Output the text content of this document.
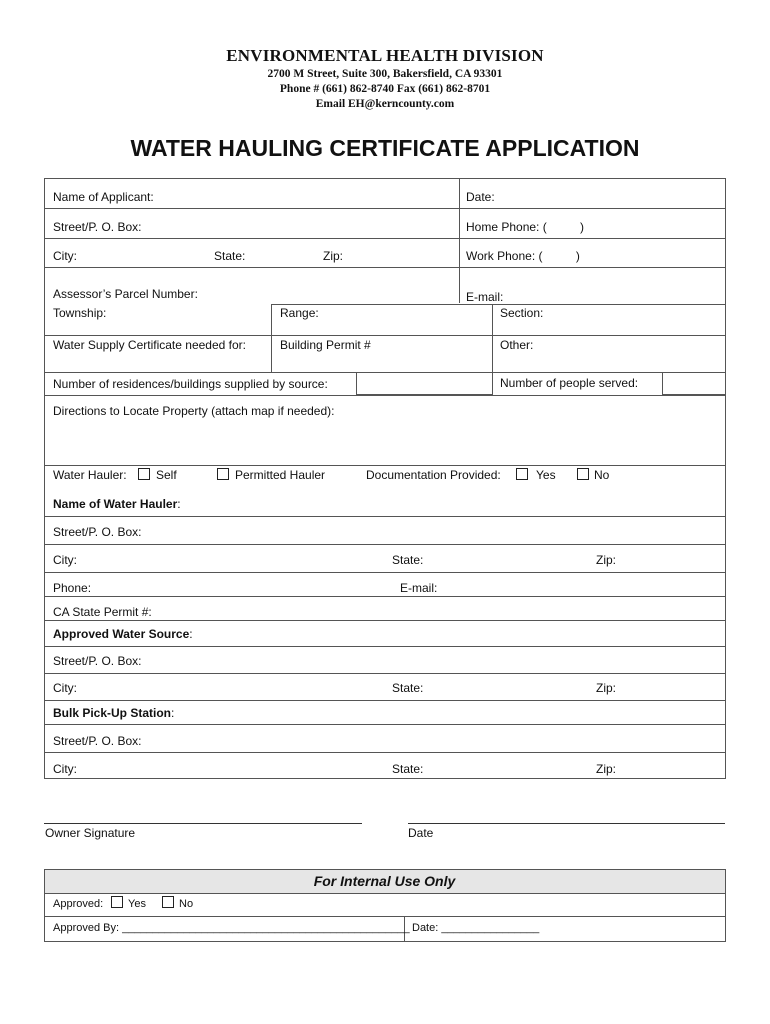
ENVIRONMENTAL HEALTH DIVISION
2700 M Street, Suite 300, Bakersfield, CA 93301
Phone # (661) 862-8740 Fax (661) 862-8701
Email EH@kerncounty.com
WATER HAULING CERTIFICATE APPLICATION
Name of Applicant:	Date:
Street/P. O. Box:	Home Phone: (          )
City:	State:	Zip:	Work Phone: (          )
Assessor’s Parcel Number:	E-mail:
Township:	Range:	Section:
Water Supply Certificate needed for:	Building Permit #	Other:
Number of residences/buildings supplied by source:	Number of people served:
Directions to Locate Property (attach map if needed):
Water Hauler: Self	Permitted Hauler	Documentation Provided:	Yes	No
Name of Water Hauler:
Street/P. O. Box:
City:	State:	Zip:
Phone:	E-mail:
CA State Permit #:
Approved Water Source:
Street/P. O. Box:
City:	State:	Zip:
Bulk Pick-Up Station:
Street/P. O. Box:
City:	State:	Zip:
Owner Signature	Date
For Internal Use Only
Approved: Yes	No
Approved By: _______________________________________________ Date: ________________
